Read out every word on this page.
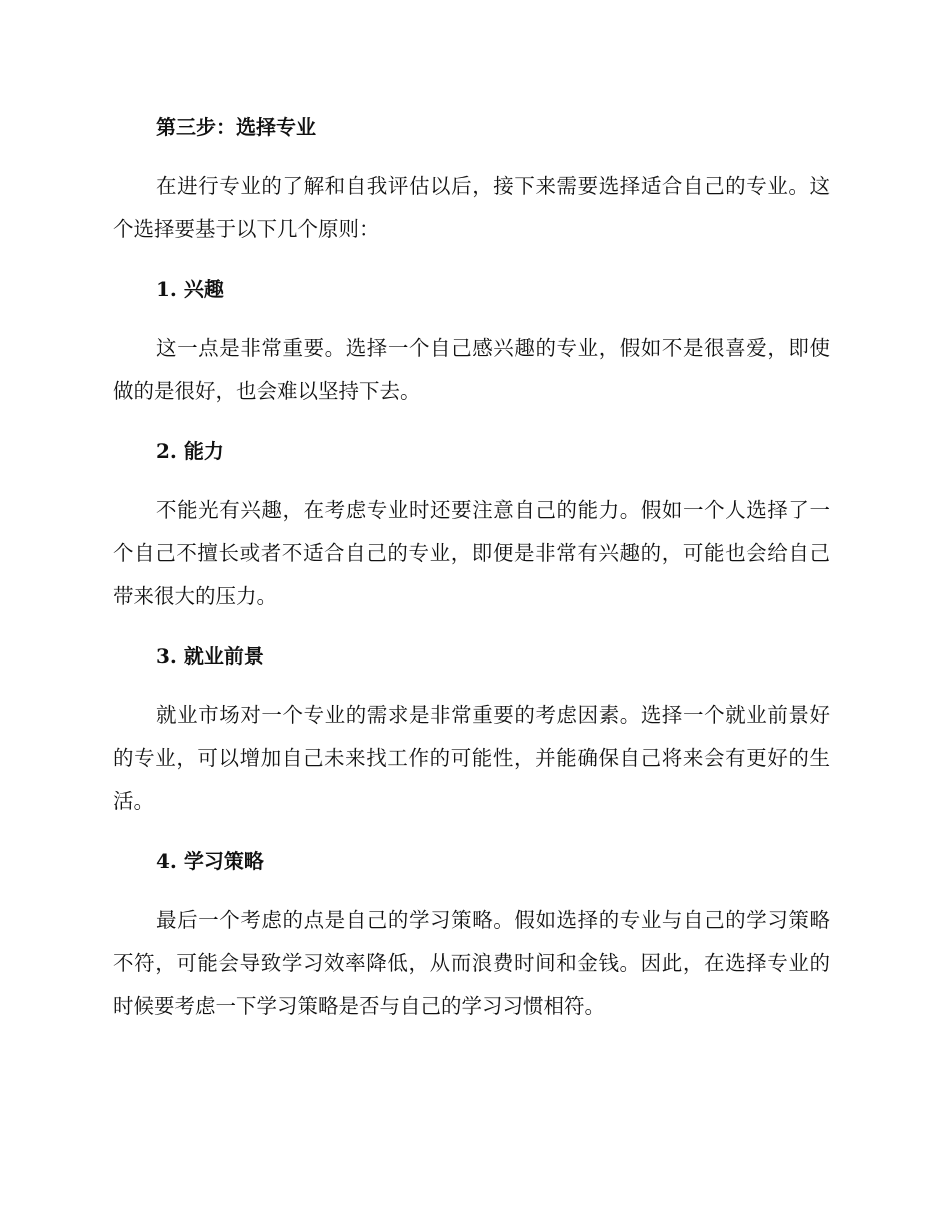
第三步：选择专业

在进行专业的了解和自我评估以后，接下来需要选择适合自己的专业。这个选择要基于以下几个原则：

1. 兴趣

这一点是非常重要。选择一个自己感兴趣的专业，假如不是很喜爱，即使做的是很好，也会难以坚持下去。

2. 能力

不能光有兴趣，在考虑专业时还要注意自己的能力。假如一个人选择了一个自己不擅长或者不适合自己的专业，即便是非常有兴趣的，可能也会给自己带来很大的压力。

3. 就业前景

就业市场对一个专业的需求是非常重要的考虑因素。选择一个就业前景好的专业，可以增加自己未来找工作的可能性，并能确保自己将来会有更好的生活。

4. 学习策略

最后一个考虑的点是自己的学习策略。假如选择的专业与自己的学习策略不符，可能会导致学习效率降低，从而浪费时间和金钱。因此，在选择专业的时候要考虑一下学习策略是否与自己的学习习惯相符。
